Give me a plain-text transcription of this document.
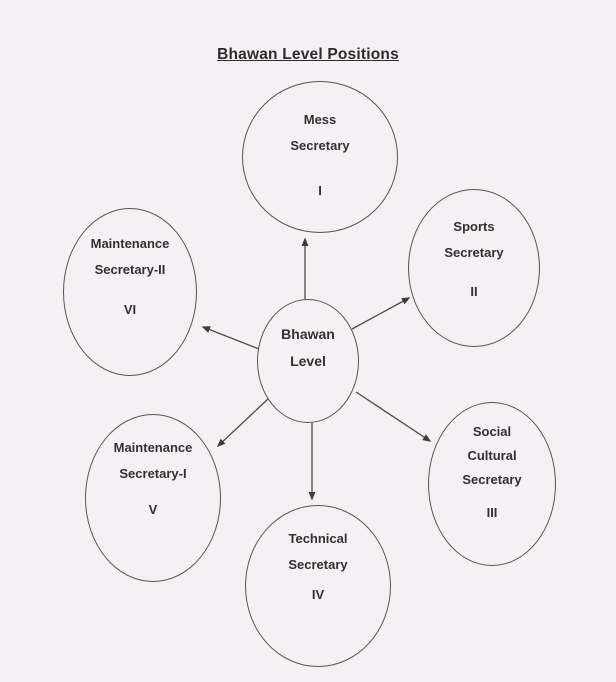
Bhawan Level Positions
Mess
Secretary
I
Sports
Secretary
II
Maintenance
Secretary-II
VI
Bhawan
Level
Maintenance
Secretary-I
V
Technical
Secretary
IV
Social
Cultural
Secretary
III
